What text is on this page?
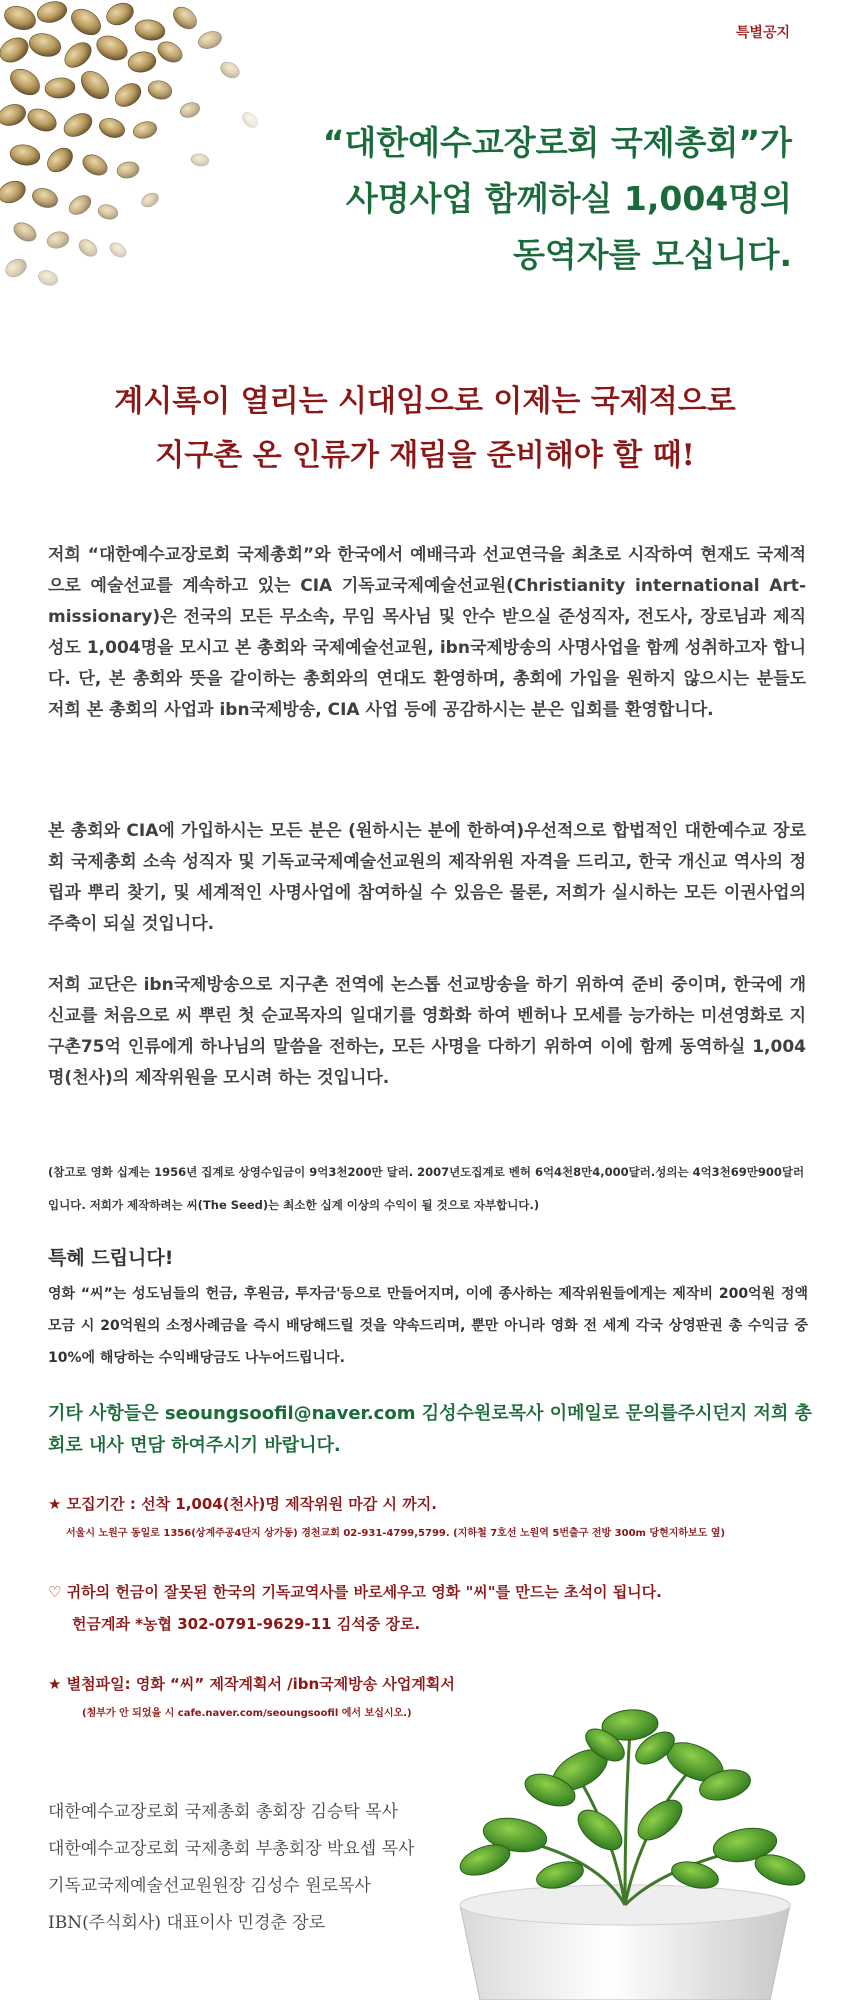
특별공지
“대한예수교장로회 국제총회”가
사명사업 함께하실 1,004명의
동역자를 모십니다.
계시록이 열리는 시대임으로 이제는 국제적으로
지구촌 온 인류가 재림을 준비해야 할 때!

저희 “대한예수교장로회 국제총회”와 한국에서 예배극과 선교연극을 최초로 시작하여 현재도 국제적으로 예술선교를 계속하고 있는 CIA 기독교국제예술선교원(Christianity international Art-missionary)은 전국의 모든 무소속, 무임 목사님 및 안수 받으실 준성직자, 전도사, 장로님과 제직 성도 1,004명을 모시고 본 총회와 국제예술선교원, ibn국제방송의 사명사업을 함께 성취하고자 합니다. 단, 본 총회와 뜻을 같이하는 총회와의 연대도 환영하며, 총회에 가입을 원하지 않으시는 분들도 저희 본 총회의 사업과 ibn국제방송, CIA 사업 등에 공감하시는 분은 입회를 환영합니다.

본 총회와 CIA에 가입하시는 모든 분은 (원하시는 분에 한하여)우선적으로 합법적인 대한예수교 장로회 국제총회 소속 성직자 및 기독교국제예술선교원의 제작위원 자격을 드리고, 한국 개신교 역사의 정립과 뿌리 찾기, 및 세계적인 사명사업에 참여하실 수 있음은 물론, 저희가 실시하는 모든 이권사업의 주축이 되실 것입니다.

저희 교단은 ibn국제방송으로 지구촌 전역에 논스톱 선교방송을 하기 위하여 준비 중이며, 한국에 개신교를 처음으로 씨 뿌린 첫 순교목자의 일대기를 영화화 하여 벤허나 모세를 능가하는 미션영화로 지구촌75억 인류에게 하나님의 말씀을 전하는, 모든 사명을 다하기 위하여 이에 함께 동역하실 1,004명(천사)의 제작위원을 모시려 하는 것입니다.

(참고로 영화 십계는 1956년 집계로 상영수입금이 9억3천200만 달러. 2007년도집계로 벤허 6억4천8만4,000달러.성의는 4억3천69만900달러입니다. 저희가 제작하려는 씨(The Seed)는 최소한 십계 이상의 수익이 될 것으로 자부합니다.)

특혜 드립니다!

영화 “씨”는 성도님들의 헌금, 후원금, 투자금'등으로 만들어지며, 이에 종사하는 제작위원들에게는 제작비 200억원 정액 모금 시 20억원의 소정사례금을 즉시 배당해드릴 것을 약속드리며, 뿐만 아니라 영화 전 세계 각국 상영판권 총 수익금 중 10%에 해당하는 수익배당금도 나누어드립니다.

기타 사항들은 seoungsoofil@naver.com 김성수원로목사 이메일로 문의를주시던지 저희 총회로 내사 면담 하여주시기 바랍니다.

★ 모집기간 : 선착 1,004(천사)명 제작위원 마감 시 까지.

서울시 노원구 동일로 1356(상계주공4단지 상가동) 경천교회 02-931-4799,5799. (지하철 7호선 노원역 5번출구 전방 300m 당현지하보도 옆)

♡ 귀하의 헌금이 잘못된 한국의 기독교역사를 바로세우고 영화 "씨"를 만드는 초석이 됩니다.

헌금계좌 *농협 302-0791-9629-11 김석중 장로.

★ 별첨파일: 영화 “씨” 제작계획서 /ibn국제방송 사업계획서

(첨부가 안 되었을 시 cafe.naver.com/seoungsoofil 에서 보십시오.)

대한예수교장로회 국제총회 총회장 김승탁 목사

대한예수교장로회 국제총회 부총회장 박요셉 목사

기독교국제예술선교원원장 김성수 원로목사

IBN(주식회사) 대표이사 민경춘 장로
